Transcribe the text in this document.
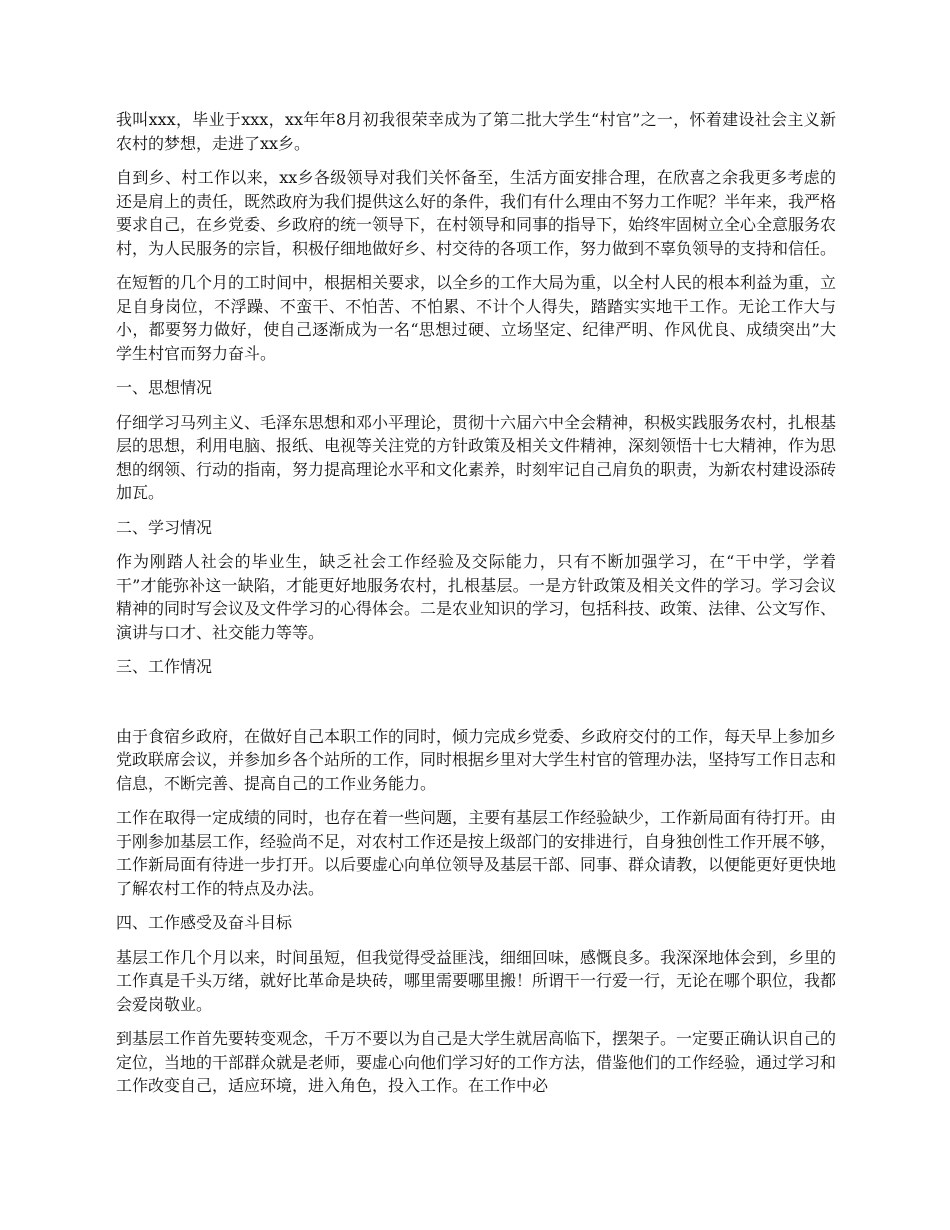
我叫xxx，毕业于xxx，xx年年8月初我很荣幸成为了第二批大学生“村官”之一，怀着建设社会主义新农村的梦想，走进了xx乡。

自到乡、村工作以来，xx乡各级领导对我们关怀备至，生活方面安排合理，在欣喜之余我更多考虑的还是肩上的责任，既然政府为我们提供这么好的条件，我们有什么理由不努力工作呢？半年来，我严格要求自己，在乡党委、乡政府的统一领导下，在村领导和同事的指导下，始终牢固树立全心全意服务农村，为人民服务的宗旨，积极仔细地做好乡、村交待的各项工作，努力做到不辜负领导的支持和信任。

在短暂的几个月的工时间中，根据相关要求，以全乡的工作大局为重，以全村人民的根本利益为重，立足自身岗位，不浮躁、不蛮干、不怕苦、不怕累、不计个人得失，踏踏实实地干工作。无论工作大与小，都要努力做好，使自己逐渐成为一名“思想过硬、立场坚定、纪律严明、作风优良、成绩突出”大学生村官而努力奋斗。

一、思想情况

仔细学习马列主义、毛泽东思想和邓小平理论，贯彻十六届六中全会精神，积极实践服务农村，扎根基层的思想，利用电脑、报纸、电视等关注党的方针政策及相关文件精神，深刻领悟十七大精神，作为思想的纲领、行动的指南，努力提高理论水平和文化素养，时刻牢记自己肩负的职责，为新农村建设添砖加瓦。

二、学习情况

作为刚踏人社会的毕业生，缺乏社会工作经验及交际能力，只有不断加强学习，在“干中学，学着干”才能弥补这一缺陷，才能更好地服务农村，扎根基层。一是方针政策及相关文件的学习。学习会议精神的同时写会议及文件学习的心得体会。二是农业知识的学习，包括科技、政策、法律、公文写作、演讲与口才、社交能力等等。

三、工作情况

由于食宿乡政府，在做好自己本职工作的同时，倾力完成乡党委、乡政府交付的工作，每天早上参加乡党政联席会议，并参加乡各个站所的工作，同时根据乡里对大学生村官的管理办法，坚持写工作日志和信息，不断完善、提高自己的工作业务能力。

工作在取得一定成绩的同时，也存在着一些问题，主要有基层工作经验缺少，工作新局面有待打开。由于刚参加基层工作，经验尚不足，对农村工作还是按上级部门的安排进行，自身独创性工作开展不够，工作新局面有待进一步打开。以后要虚心向单位领导及基层干部、同事、群众请教，以便能更好更快地了解农村工作的特点及办法。

四、工作感受及奋斗目标

基层工作几个月以来，时间虽短，但我觉得受益匪浅，细细回味，感慨良多。我深深地体会到，乡里的工作真是千头万绪，就好比革命是块砖，哪里需要哪里搬！所谓干一行爱一行，无论在哪个职位，我都会爱岗敬业。

到基层工作首先要转变观念，千万不要以为自己是大学生就居高临下，摆架子。一定要正确认识自己的定位，当地的干部群众就是老师，要虚心向他们学习好的工作方法，借鉴他们的工作经验，通过学习和工作改变自己，适应环境，进入角色，投入工作。在工作中必
